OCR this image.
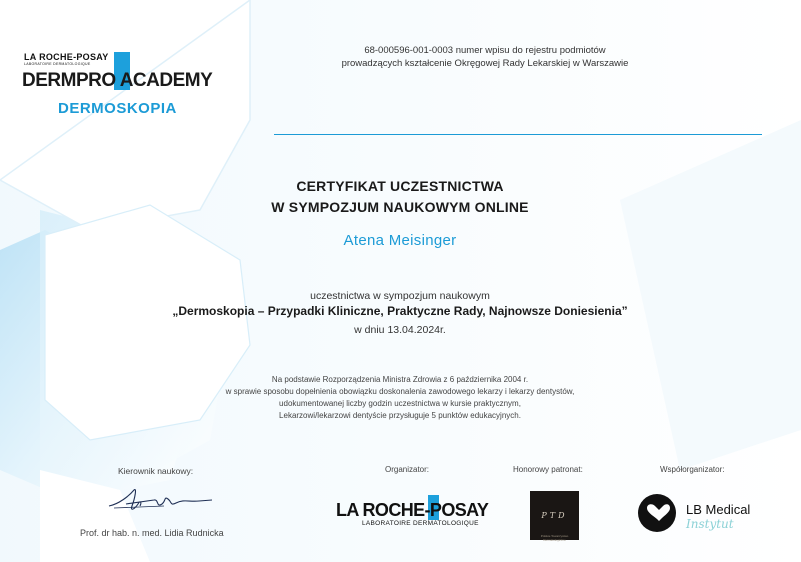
LA ROCHE-POSAY
LABORATOIRE DERMATOLOGIQUE
DERMPRO ACADEMY
DERMOSKOPIA
68-000596-001-0003 numer wpisu do rejestru podmiotów
prowadzących kształcenie Okręgowej Rady Lekarskiej w Warszawie
CERTYFIKAT UCZESTNICTWA
W SYMPOZJUM NAUKOWYM ONLINE
Atena Meisinger
uczestnictwa w sympozjum naukowym
„Dermoskopia – Przypadki Kliniczne, Praktyczne Rady, Najnowsze Doniesienia”
w dniu 13.04.2024r.
Na podstawie Rozporządzenia Ministra Zdrowia z 6 października 2004 r.
w sprawie sposobu dopełnienia obowiązku doskonalenia zawodowego lekarzy i lekarzy dentystów,
udokumentowanej liczby godzin uczestnictwa w kursie praktycznym,
Lekarzowi/lekarzowi dentyście przysługuje 5 punktów edukacyjnych.
Kierownik naukowy:
Prof. dr hab. n. med. Lidia Rudnicka
Organizator:
LA ROCHE-POSAY
LABORATOIRE DERMATOLOGIQUE
Honorowy patronat:
PTD
Polskie Towarzystwo Dermatologiczne
Współorganizator:
LB Medical
Instytut
